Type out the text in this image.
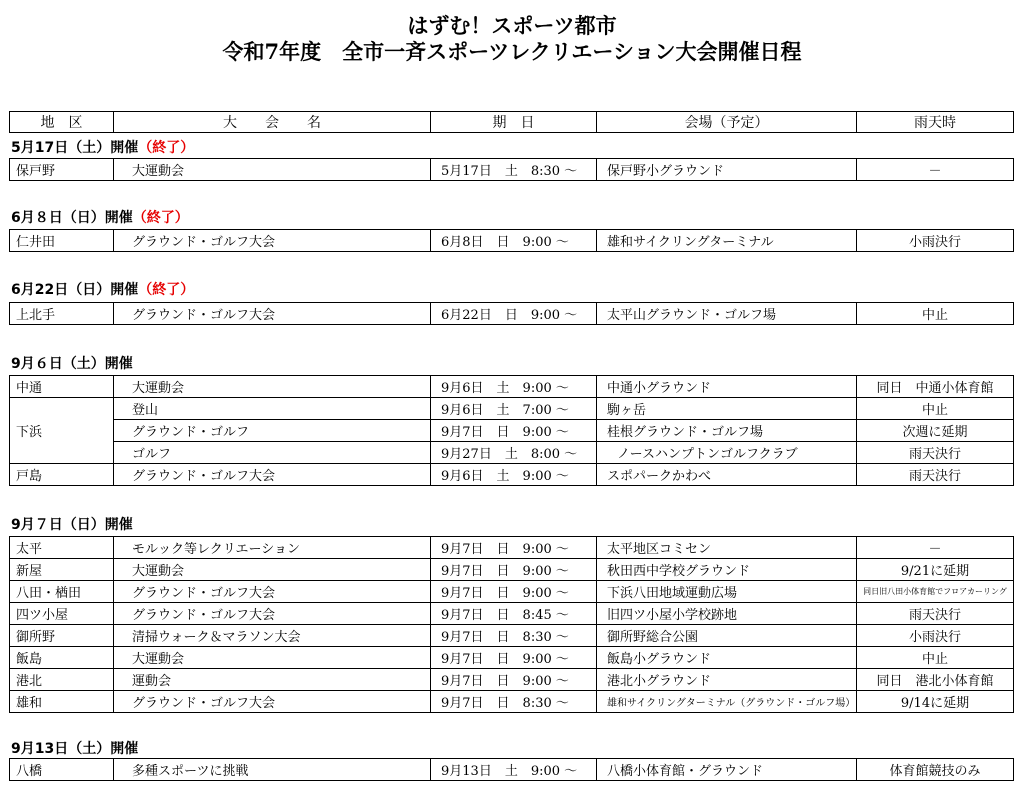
はずむ！スポーツ都市
令和7年度　全市一斉スポーツレクリエーション大会開催日程
地　区	大　　会　　名	期　日	会場（予定）	雨天時
5月17日（土）開催（終了）
保戸野	大運動会	5月17日　土　8:30 ～	保戸野小グラウンド	－
6月８日（日）開催（終了）
仁井田	グラウンド・ゴルフ大会	6月8日　日　9:00 ～	雄和サイクリングターミナル	小雨決行
6月22日（日）開催（終了）
上北手	グラウンド・ゴルフ大会	6月22日　日　9:00 ～	太平山グラウンド・ゴルフ場	中止
9月６日（土）開催
中通	大運動会	9月6日　土　9:00 ～	中通小グラウンド	同日　中通小体育館
下浜	登山	9月6日　土　7:00 ～	駒ヶ岳	中止
	グラウンド・ゴルフ	9月7日　日　9:00 ～	桂根グラウンド・ゴルフ場	次週に延期
	ゴルフ	9月27日　土　8:00 ～	ノースハンプトンゴルフクラブ	雨天決行
戸島	グラウンド・ゴルフ大会	9月6日　土　9:00 ～	スポパークかわべ	雨天決行
9月７日（日）開催
太平	モルック等レクリエーション	9月7日　日　9:00 ～	太平地区コミセン	－
新屋	大運動会	9月7日　日　9:00 ～	秋田西中学校グラウンド	9/21に延期
八田・楢田	グラウンド・ゴルフ大会	9月7日　日　9:00 ～	下浜八田地域運動広場	同日旧八田小体育館でフロアカーリング
四ツ小屋	グラウンド・ゴルフ大会	9月7日　日　8:45 ～	旧四ツ小屋小学校跡地	雨天決行
御所野	清掃ウォーク＆マラソン大会	9月7日　日　8:30 ～	御所野総合公園	小雨決行
飯島	大運動会	9月7日　日　9:00 ～	飯島小グラウンド	中止
港北	運動会	9月7日　日　9:00 ～	港北小グラウンド	同日　港北小体育館
雄和	グラウンド・ゴルフ大会	9月7日　日　8:30 ～	雄和サイクリングターミナル（グラウンド・ゴルフ場）	9/14に延期
9月13日（土）開催
八橋	多種スポーツに挑戦	9月13日　土　9:00 ～	八橋小体育館・グラウンド	体育館競技のみ
